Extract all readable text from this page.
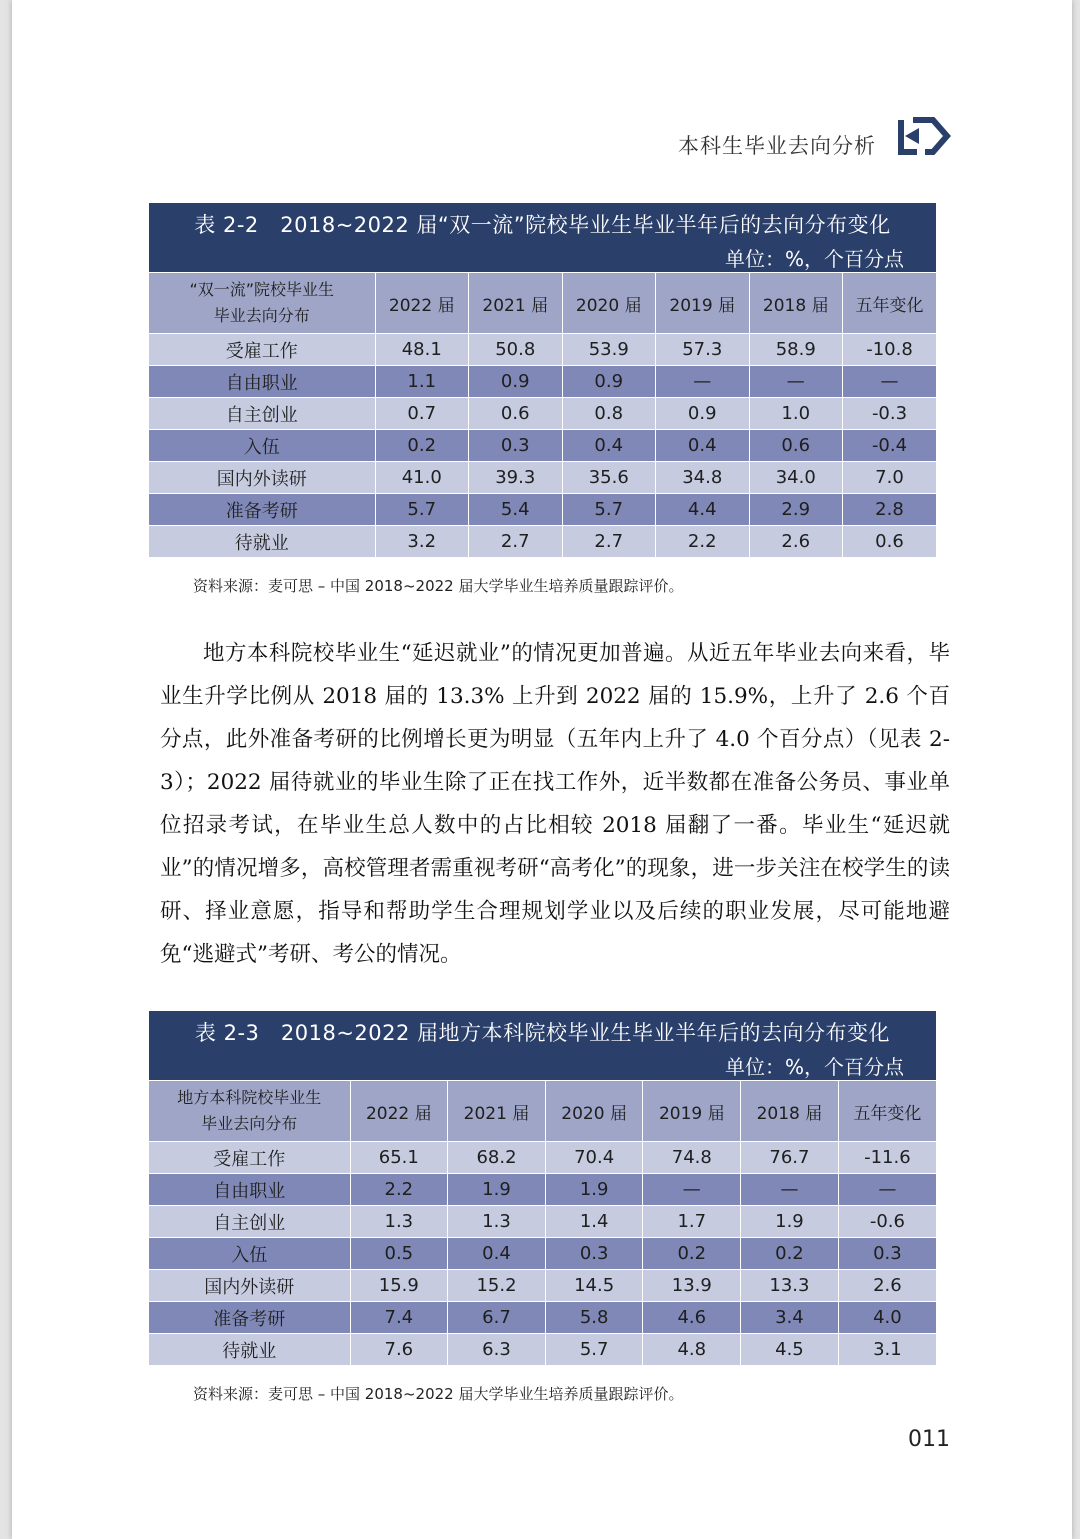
本科生毕业去向分析
表 2-2　2018~2022 届“双一流”院校毕业生毕业半年后的去向分布变化
单位：%，个百分点
“双一流”院校毕业生
毕业去向分布	2022 届	2021 届	2020 届	2019 届	2018 届	五年变化
受雇工作	48.1	50.8	53.9	57.3	58.9	-10.8
自由职业	1.1	0.9	0.9	—	—	—
自主创业	0.7	0.6	0.8	0.9	1.0	-0.3
入伍	0.2	0.3	0.4	0.4	0.6	-0.4
国内外读研	41.0	39.3	35.6	34.8	34.0	7.0
准备考研	5.7	5.4	5.7	4.4	2.9	2.8
待就业	3.2	2.7	2.7	2.2	2.6	0.6
资料来源：麦可思 – 中国 2018~2022 届大学毕业生培养质量跟踪评价。

地方本科院校毕业生“延迟就业”的情况更加普遍。从近五年毕业去向来看，毕业生升学比例从 2018 届的 13.3% 上升到 2022 届的 15.9%，上升了 2.6 个百分点，此外准备考研的比例增长更为明显（五年内上升了 4.0 个百分点）（见表 2-3）；2022 届待就业的毕业生除了正在找工作外，近半数都在准备公务员、事业单位招录考试，在毕业生总人数中的占比相较 2018 届翻了一番。毕业生“延迟就业”的情况增多，高校管理者需重视考研“高考化”的现象，进一步关注在校学生的读研、择业意愿，指导和帮助学生合理规划学业以及后续的职业发展，尽可能地避免“逃避式”考研、考公的情况。

表 2-3　2018~2022 届地方本科院校毕业生毕业半年后的去向分布变化
单位：%，个百分点
地方本科院校毕业生
毕业去向分布	2022 届	2021 届	2020 届	2019 届	2018 届	五年变化
受雇工作	65.1	68.2	70.4	74.8	76.7	-11.6
自由职业	2.2	1.9	1.9	—	—	—
自主创业	1.3	1.3	1.4	1.7	1.9	-0.6
入伍	0.5	0.4	0.3	0.2	0.2	0.3
国内外读研	15.9	15.2	14.5	13.9	13.3	2.6
准备考研	7.4	6.7	5.8	4.6	3.4	4.0
待就业	7.6	6.3	5.7	4.8	4.5	3.1
资料来源：麦可思 – 中国 2018~2022 届大学毕业生培养质量跟踪评价。
011
